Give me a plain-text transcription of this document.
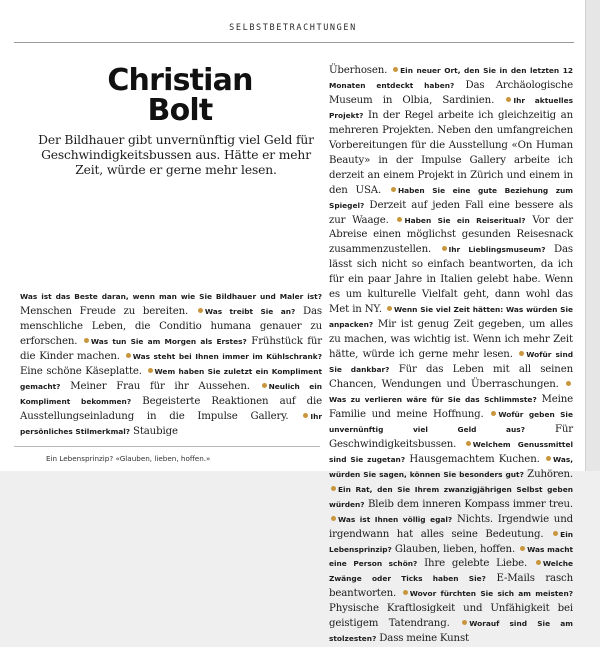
SELBSTBETRACHTUNGEN
Christian
Bolt

Der Bildhauer gibt unvernünftig viel Geld für Geschwindigkeitsbussen aus. Hätte er mehr Zeit, würde er gerne mehr lesen.

Was ist das Beste daran, wenn man wie Sie Bildhauer und Maler ist? Menschen Freude zu bereiten. Was treibt Sie an? Das menschliche Leben, die Conditio humana genauer zu erforschen. Was tun Sie am Morgen als Erstes? Frühstück für die Kinder machen. Was steht bei Ihnen immer im Kühlschrank? Eine schöne Käseplatte. Wem haben Sie zuletzt ein Kompliment gemacht? Meiner Frau für ihr Aussehen.	Neulich ein Kompliment bekommen? Begeisterte Reaktionen auf die Ausstellungseinladung in die Impulse Gallery.	Ihr persönliches Stilmerkmal? Staubige
Überhosen. Ein neuer Ort, den Sie in den letzten 12 Monaten entdeckt haben? Das Archäologische Museum in Olbia, Sardinien.	Ihr aktuelles Projekt? In der Regel arbeite ich gleichzeitig an mehreren Projekten. Neben den umfangreichen Vorbereitungen für die Ausstellung «On Human Beauty» in der Impulse Gallery arbeite ich derzeit an einem Projekt in Zürich und einem in den USA. Haben Sie eine gute Beziehung zum Spiegel? Derzeit auf jeden Fall eine bessere als zur Waage. Haben Sie ein Reiseritual? Vor der Abreise einen möglichst gesunden Reisesnack zusammenzustellen. Ihr Lieblingsmuseum? Das lässt sich nicht so einfach beantworten, da ich für ein paar Jahre in Italien gelebt habe. Wenn es um kulturelle Vielfalt geht, dann wohl das Met in NY. Wenn Sie viel Zeit hätten: Was würden Sie anpacken? Mir ist genug Zeit gegeben, um alles zu machen, was wichtig ist. Wenn ich mehr Zeit hätte, würde ich gerne mehr lesen. Wofür sind Sie dankbar? Für das Leben mit all seinen Chancen, Wendungen und Überraschungen. Was zu verlieren wäre für Sie das Schlimmste? Meine Familie und meine Hoffnung. Wofür geben Sie unvernünftig viel Geld aus?	Für Geschwindigkeitsbussen. Welchem Genussmittel sind Sie zugetan? Hausgemachtem Kuchen. Was, würden Sie sagen, können Sie besonders gut? Zuhören. Ein Rat, den Sie Ihrem zwanzigjährigen Selbst geben würden? Bleib dem inneren Kompass immer treu. Was ist Ihnen völlig egal? Nichts. Irgendwie und irgendwann hat alles seine Bedeutung. Ein Lebensprinzip? Glauben, lieben, hoffen. Was macht eine Person schön? Ihre gelebte Liebe. Welche Zwänge oder Ticks haben Sie? E-Mails rasch beantworten. Wovor fürchten Sie sich am meisten? Physische Kraftlosigkeit und Unfähigkeit bei geistigem Tatendrang.	Worauf sind Sie am stolzesten? Dass meine Kunst
Ein Lebensprinzip? «Glauben, lieben, hoffen.»
